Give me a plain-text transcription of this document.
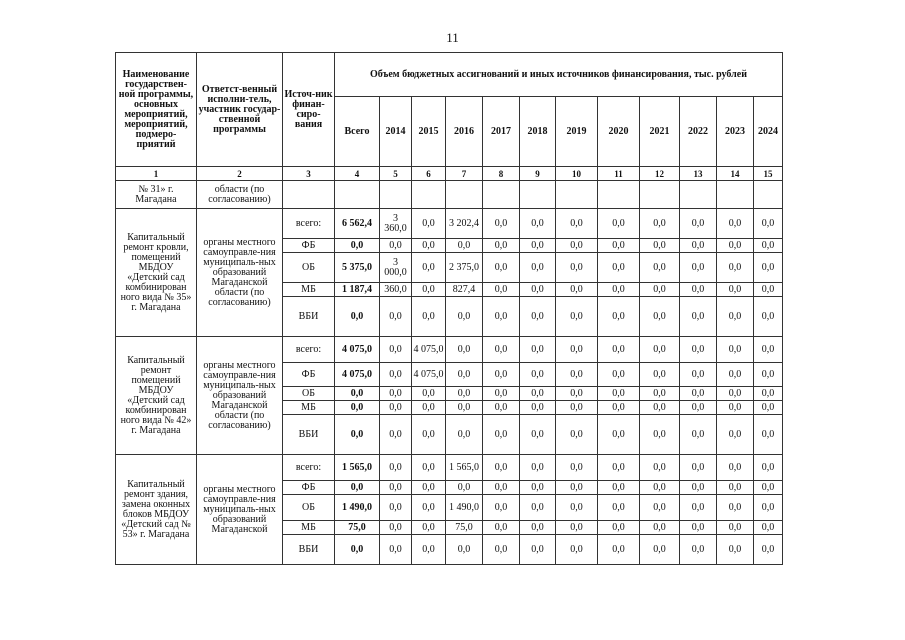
11
Наименование государствен-ной программы, основных мероприятий, мероприятий, подмеро-приятий	Ответст-венный исполни-тель, участник государ-ственной программы	Источ-ник финан-сиро-вания	Объем бюджетных ассигнований и иных источников финансирования, тыс. рублей											
			Всего	2014	2015	2016	2017	2018	2019	2020	2021	2022	2023	2024
1	2	3	4	5	6	7	8	9	10	11	12	13	14	15
№ 31» г. Магадана	области (по согласованию)													
Капитальный ремонт кровли, помещений МБДОУ «Детский сад комбинирован ного вида № 35» г. Магадана	органы местного самоуправле-ния муниципаль-ных образований Магаданской области (по согласованию)	всего:	6 562,4	3 360,0	0,0	3 202,4	0,0	0,0	0,0	0,0	0,0	0,0	0,0	0,0
		ФБ	0,0	0,0	0,0	0,0	0,0	0,0	0,0	0,0	0,0	0,0	0,0	0,0
		ОБ	5 375,0	3 000,0	0,0	2 375,0	0,0	0,0	0,0	0,0	0,0	0,0	0,0	0,0
		МБ	1 187,4	360,0	0,0	827,4	0,0	0,0	0,0	0,0	0,0	0,0	0,0	0,0
		ВБИ	0,0	0,0	0,0	0,0	0,0	0,0	0,0	0,0	0,0	0,0	0,0	0,0
Капитальный ремонт помещений МБДОУ «Детский сад комбинирован ного вида № 42» г. Магадана	органы местного самоуправле-ния муниципаль-ных образований Магаданской области (по согласованию)	всего:	4 075,0	0,0	4 075,0	0,0	0,0	0,0	0,0	0,0	0,0	0,0	0,0	0,0
		ФБ	4 075,0	0,0	4 075,0	0,0	0,0	0,0	0,0	0,0	0,0	0,0	0,0	0,0
		ОБ	0,0	0,0	0,0	0,0	0,0	0,0	0,0	0,0	0,0	0,0	0,0	0,0
		МБ	0,0	0,0	0,0	0,0	0,0	0,0	0,0	0,0	0,0	0,0	0,0	0,0
		ВБИ	0,0	0,0	0,0	0,0	0,0	0,0	0,0	0,0	0,0	0,0	0,0	0,0
Капитальный ремонт здания, замена оконных блоков МБДОУ «Детский сад № 53» г. Магадана	органы местного самоуправле-ния муниципаль-ных образований Магаданской	всего:	1 565,0	0,0	0,0	1 565,0	0,0	0,0	0,0	0,0	0,0	0,0	0,0	0,0
		ФБ	0,0	0,0	0,0	0,0	0,0	0,0	0,0	0,0	0,0	0,0	0,0	0,0
		ОБ	1 490,0	0,0	0,0	1 490,0	0,0	0,0	0,0	0,0	0,0	0,0	0,0	0,0
		МБ	75,0	0,0	0,0	75,0	0,0	0,0	0,0	0,0	0,0	0,0	0,0	0,0
		ВБИ	0,0	0,0	0,0	0,0	0,0	0,0	0,0	0,0	0,0	0,0	0,0	0,0
